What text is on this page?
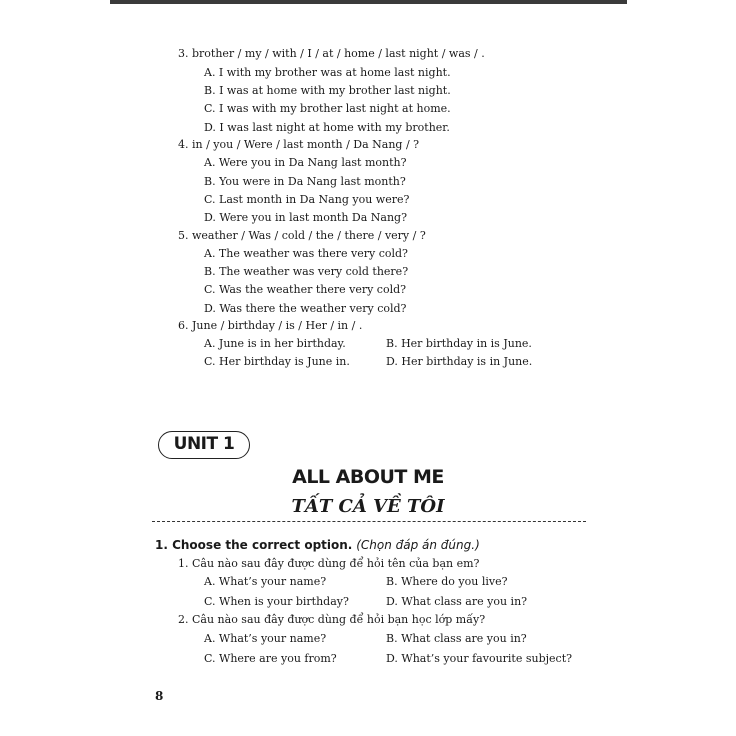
3. brother / my / with / I / at / home / last night / was / .
A. I with my brother was at home last night.
B. I was at home with my brother last night.
C. I was with my brother last night at home.
D. I was last night at home with my brother.
4. in / you / Were / last month / Da Nang / ?
A. Were you in Da Nang last month?
B. You were in Da Nang last month?
C. Last month in Da Nang you were?
D. Were you in last month Da Nang?
5. weather / Was / cold / the / there / very / ?
A. The weather was there very cold?
B. The weather was very cold there?
C. Was the weather there very cold?
D. Was there the weather very cold?
6. June / birthday / is / Her / in / .
A. June is in her birthday.	B. Her birthday in is June.
C. Her birthday is June in.	D. Her birthday is in June.
UNIT 1
ALL ABOUT ME
TẤT CẢ VỀ TÔI
1. Choose the correct option. (Chọn đáp án đúng.)
1. Câu nào sau đây được dùng để hỏi tên của bạn em?
A. What’s your name?	B. Where do you live?
C. When is your birthday?	D. What class are you in?
2. Câu nào sau đây được dùng để hỏi bạn học lớp mấy?
A. What’s your name?	B. What class are you in?
C. Where are you from?	D. What’s your favourite subject?
8
